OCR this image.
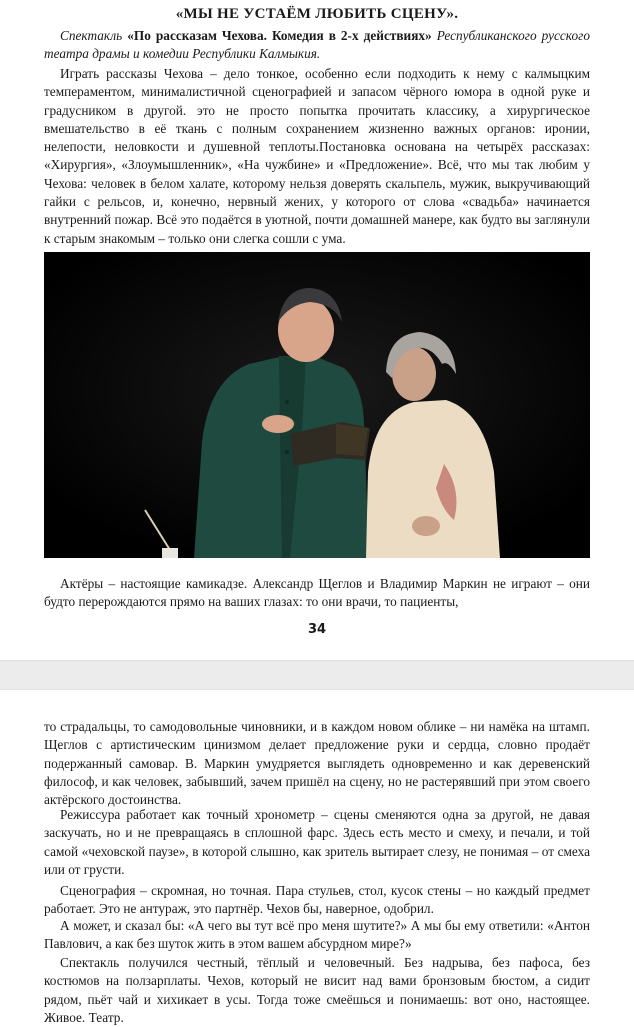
«МЫ НЕ УСТАЁМ ЛЮБИТЬ СЦЕНУ».

Спектакль «По рассказам Чехова. Комедия в 2-х действиях» Республиканского русского театра драмы и комедии Республики Калмыкия.

Играть рассказы Чехова – дело тонкое, особенно если подходить к нему с калмыцким темпераментом, минималистичной сценографией и запасом чёрного юмора в одной руке и градусником в другой. это не просто попытка прочитать классику, а хирургическое вмешательство в её ткань с полным сохранением жизненно важных органов: иронии, нелепости, неловкости и душевной теплоты.Постановка основана на четырёх рассказах: «Хирургия», «Злоумышленник», «На чужбине» и «Предложение». Всё, что мы так любим у Чехова: человек в белом халате, которому нельзя доверять скальпель, мужик, выкручивающий гайки с рельсов, и, конечно, нервный жених, у которого от слова «свадьба» начинается внутренний пожар. Всё это подаётся в уютной, почти домашней манере, как будто вы заглянули к старым знакомым – только они слегка сошли с ума.

Актёры – настоящие камикадзе. Александр Щеглов и Владимир Маркин не играют – они будто перерождаются прямо на ваших глазах: то они врачи, то пациенты,

34

то страдальцы, то самодовольные чиновники, и в каждом новом облике – ни намёка на штамп. Щеглов с артистическим цинизмом делает предложение руки и сердца, словно продаёт подержанный самовар. В. Маркин умудряется выглядеть одновременно и как деревенский философ, и как человек, забывший, зачем пришёл на сцену, но не растерявший при этом своего актёрского достоинства.

Режиссура работает как точный хронометр – сцены сменяются одна за другой, не давая заскучать, но и не превращаясь в сплошной фарс. Здесь есть место и смеху, и печали, и той самой «чеховской паузе», в которой слышно, как зритель вытирает слезу, не понимая – от смеха или от грусти.

Сценография – скромная, но точная. Пара стульев, стол, кусок стены – но каждый предмет работает. Это не антураж, это партнёр. Чехов бы, наверное, одобрил.

А может, и сказал бы: «А чего вы тут всё про меня шутите?» А мы бы ему ответили: «Антон Павлович, а как без шуток жить в этом вашем абсурдном мире?»

Спектакль получился честный, тёплый и человечный. Без надрыва, без пафоса, без костюмов на ползарплаты. Чехов, который не висит над вами бронзовым бюстом, а сидит рядом, пьёт чай и хихикает в усы. Тогда тоже смеёшься и понимаешь: вот оно, настоящее. Живое. Театр.
